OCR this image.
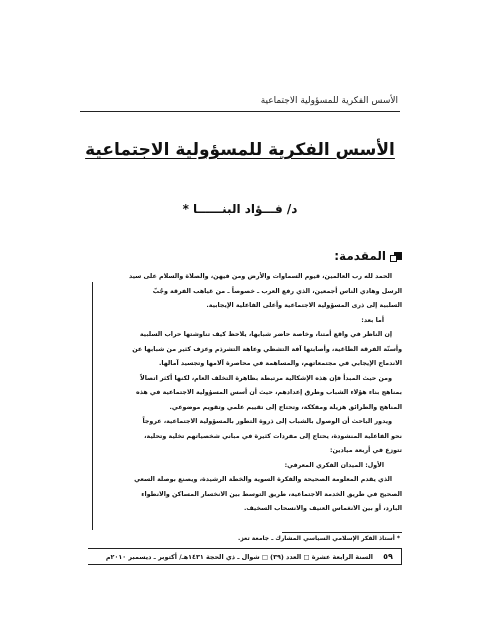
الأسس الفكرية للمسؤولية الاجتماعية
الأسس الفكرية للمسؤولية الاجتماعية
د/ فـــؤاد البنــــــا *
المقدمة:
الحمد لله رب العالمين، قيوم السماوات والأرض ومن فيهن، والصلاة والسلام على سيد
الرسل وهادي الناس أجمعين، الذي رفع العرب ـ خصوصاً ـ من غياهب الفرقة وجُبّ
السلبية إلى ذرى المسؤولية الاجتماعية وأعلى الفاعلية الإيجابية.
أما بعد:
إن الناظر في واقع أمتنا، وخاصة حاضر شبابها، يلاحظ كيف تناوشتها حراب السلبية
وأسنّة الفرقة الطاغية، وأصابتها آفة التشظي وعاهة التشرذم وعزف كثير من شبابها عن
الاندماج الإيجابي في مجتمعاتهم، والمساهمة في محاصرة آلامها وتجسيد آمالها.
ومن حيث المبدأ فإن هذه الإشكالية مرتبطة بظاهرة التخلف العام، لكنها أكثر اتصالاً
بمناهج بناء هؤلاء الشباب وطرق إعدادهم، حيث أن أسس المسؤولية الاجتماعية في هذه
المناهج والطرائق هزيلة ومفككة، وتحتاج إلى تقييم علمي وتقويم موضوعي.
ويدور الباحث أن الوصول بالشباب إلى ذروة التطور بالمسؤولية الاجتماعية، عروجاً
نحو الفاعلية المنشودة، يحتاج إلى مفردات كثيرة في مباني شخصياتهم تخلية وتحلية،
تتوزع في أربعة ميادين:
الأول: الميدان الفكري المعرفي:
الذي يقدم المعلومة الصحيحة والفكرة السوية والخطة الرشيدة، ويصنع بوصلة السعي
الصحيح في طريق الخدمة الاجتماعية، طريق التوسط بين الانخسار المساكن والانطواء
البارد، أو بين الانغماس العنيف والانسحاب السخيف.
* أستاذ الفكر الإسلامي السياسي المشارك ـ جامعة تعز.
السنة الرابعة عشرة □ العدد (٣٩) □ شوال ـ ذي الحجة ١٤٣١هـ/ أكتوبر ـ ديسمبر ٢٠١٠م	٥٩
